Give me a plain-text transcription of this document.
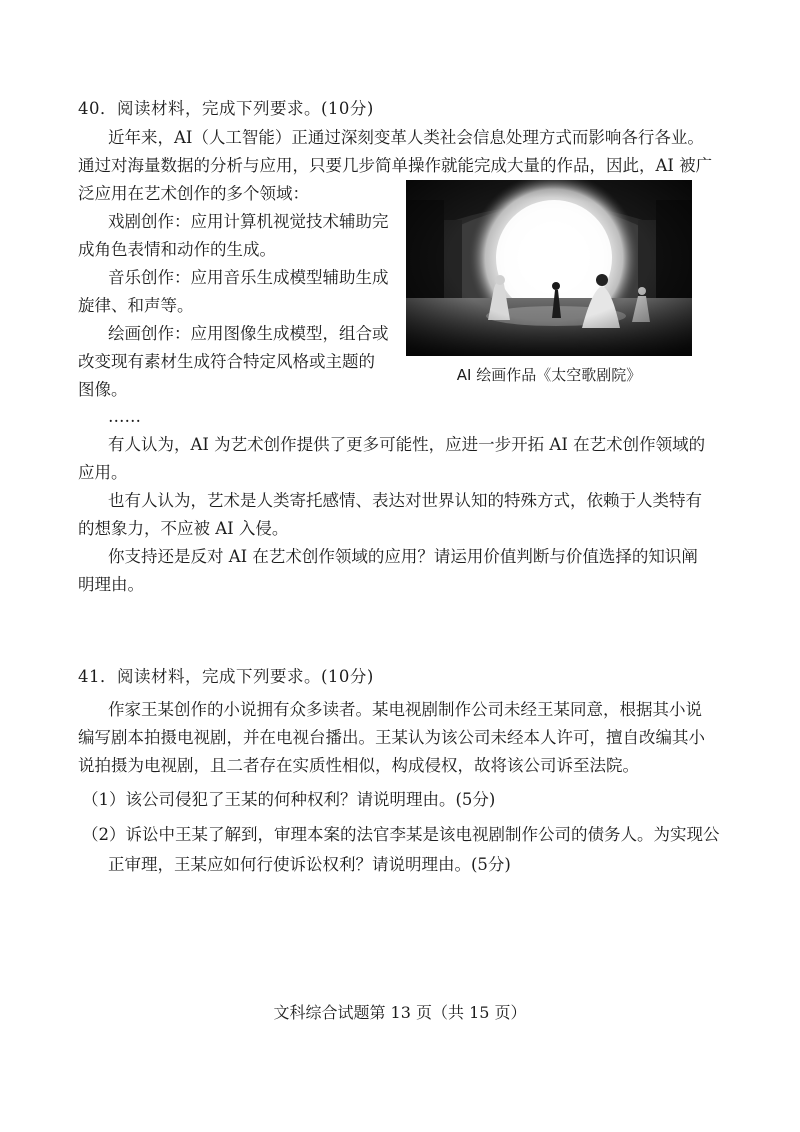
40．阅读材料，完成下列要求。(10分)

近年来，AI（人工智能）正通过深刻变革人类社会信息处理方式而影响各行各业。

通过对海量数据的分析与应用，只要几步简单操作就能完成大量的作品，因此，AI 被广

泛应用在艺术创作的多个领域：

戏剧创作：应用计算机视觉技术辅助完

成角色表情和动作的生成。

音乐创作：应用音乐生成模型辅助生成

旋律、和声等。

绘画创作：应用图像生成模型，组合或

改变现有素材生成符合特定风格或主题的

图像。

……

AI 绘画作品《太空歌剧院》

有人认为，AI 为艺术创作提供了更多可能性，应进一步开拓 AI 在艺术创作领域的

应用。

也有人认为，艺术是人类寄托感情、表达对世界认知的特殊方式，依赖于人类特有

的想象力，不应被 AI 入侵。

你支持还是反对 AI 在艺术创作领域的应用？请运用价值判断与价值选择的知识阐

明理由。

41．阅读材料，完成下列要求。(10分)

作家王某创作的小说拥有众多读者。某电视剧制作公司未经王某同意，根据其小说

编写剧本拍摄电视剧，并在电视台播出。王某认为该公司未经本人许可，擅自改编其小

说拍摄为电视剧，且二者存在实质性相似，构成侵权，故将该公司诉至法院。

（1）该公司侵犯了王某的何种权利？请说明理由。(5分)

（2）诉讼中王某了解到，审理本案的法官李某是该电视剧制作公司的债务人。为实现公

正审理，王某应如何行使诉讼权利？请说明理由。(5分)

文科综合试题第 13 页（共 15 页）
